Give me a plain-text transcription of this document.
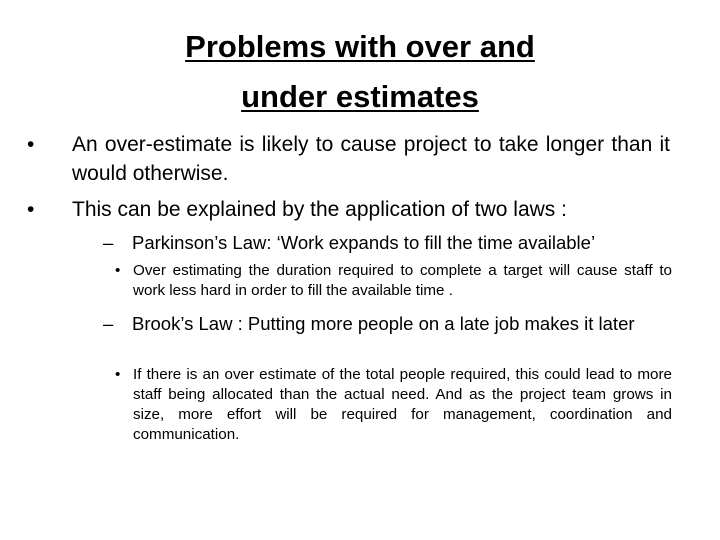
Problems with over and
under estimates
• An over-estimate is likely to cause project to take longer than it would otherwise.
• This can be explained by the application of two laws :
– Parkinson’s Law: ‘Work expands to fill the time available’
• Over estimating the duration required to complete a target will cause staff to work less hard in order to fill the available time .
– Brook’s Law : Putting more people on a late job makes it later
• If there is an over estimate of the total people required, this could lead to more staff being allocated than the actual need. And as the project team grows in size, more effort will be required for management, coordination and communication.
